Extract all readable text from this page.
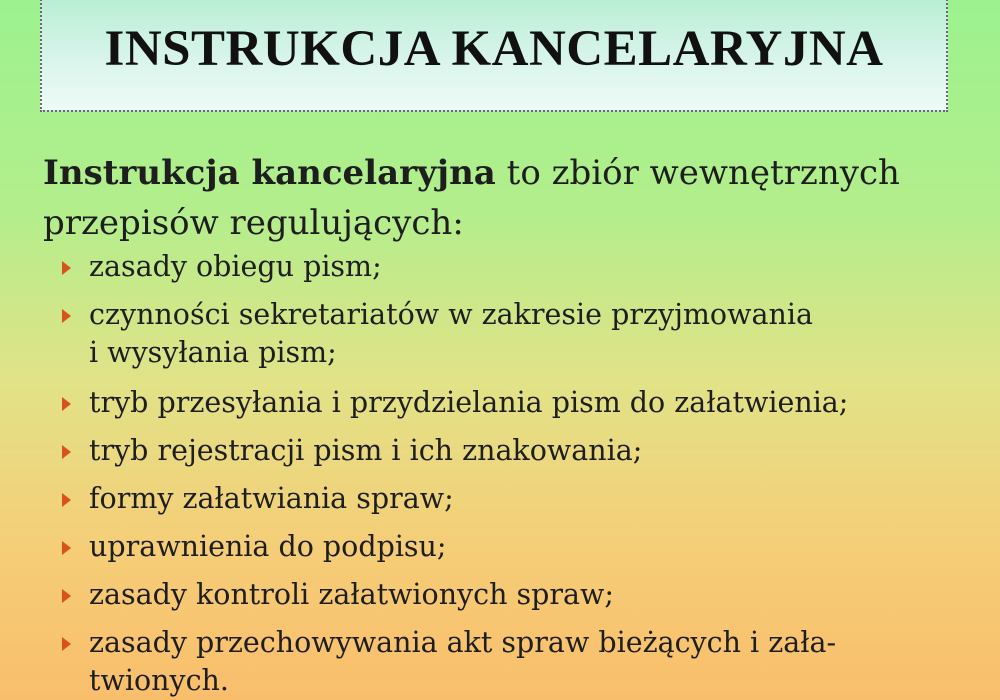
INSTRUKCJA KANCELARYJNA
Instrukcja kancelaryjna to zbiór wewnętrznych
przepisów regulujących:
zasady obiegu pism;
czynności sekretariatów w zakresie przyjmowania
i wysyłania pism;
tryb przesyłania i przydzielania pism do załatwienia;
tryb rejestracji pism i ich znakowania;
formy załatwiania spraw;
uprawnienia do podpisu;
zasady kontroli załatwionych spraw;
zasady przechowywania akt spraw bieżących i zała-
twionych.
